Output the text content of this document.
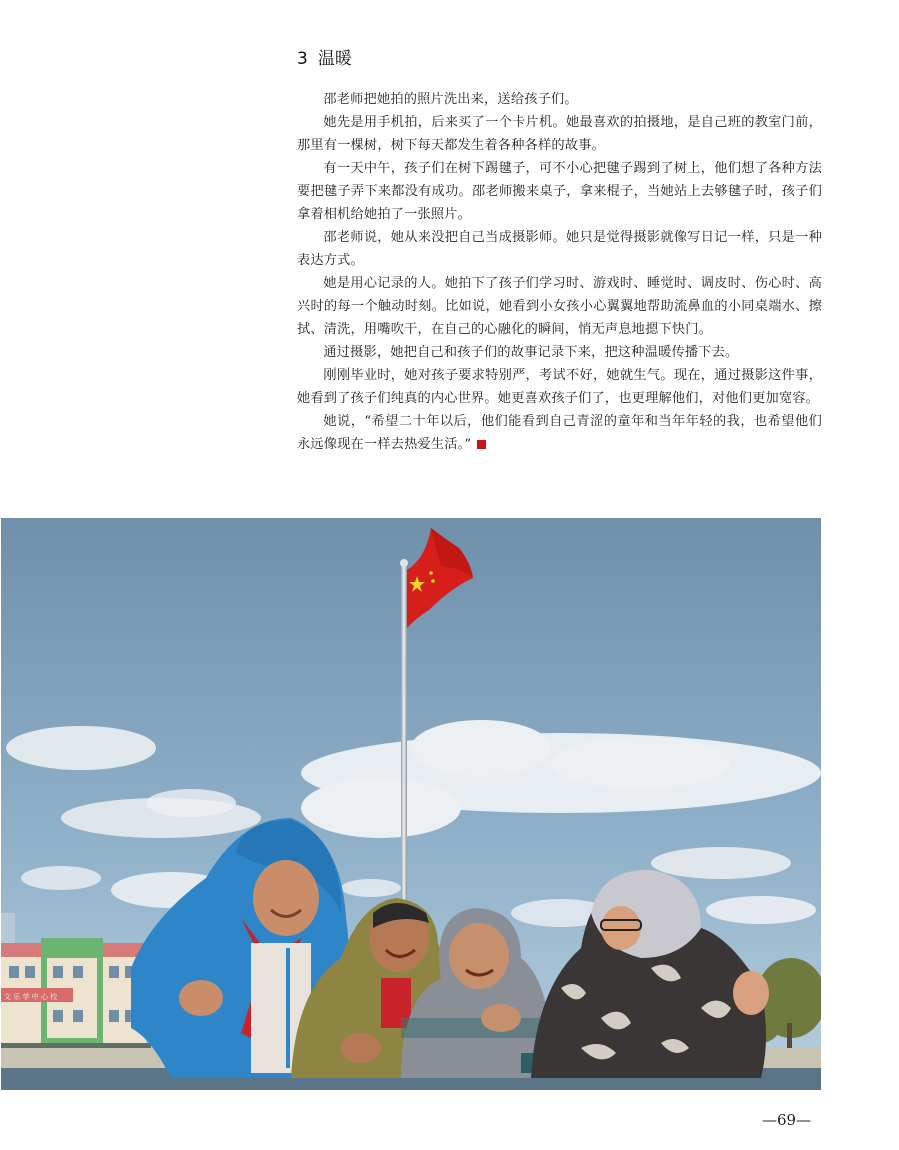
3 温暖

邵老师把她拍的照片洗出来，送给孩子们。

她先是用手机拍，后来买了一个卡片机。她最喜欢的拍摄地，是自己班的教室门前，那里有一棵树，树下每天都发生着各种各样的故事。

有一天中午，孩子们在树下踢毽子，可不小心把毽子踢到了树上，他们想了各种方法要把毽子弄下来都没有成功。邵老师搬来桌子，拿来棍子，当她站上去够毽子时，孩子们拿着相机给她拍了一张照片。

邵老师说，她从来没把自己当成摄影师。她只是觉得摄影就像写日记一样，只是一种表达方式。

她是用心记录的人。她拍下了孩子们学习时、游戏时、睡觉时、调皮时、伤心时、高兴时的每一个触动时刻。比如说，她看到小女孩小心翼翼地帮助流鼻血的小同桌端水、擦拭、清洗，用嘴吹干，在自己的心融化的瞬间，悄无声息地摁下快门。

通过摄影，她把自己和孩子们的故事记录下来，把这种温暖传播下去。

刚刚毕业时，她对孩子要求特别严，考试不好，她就生气。现在，通过摄影这件事，她看到了孩子们纯真的内心世界。她更喜欢孩子们了，也更理解他们，对他们更加宽容。

她说，“希望二十年以后，他们能看到自己青涩的童年和当年年轻的我，也希望他们永远像现在一样去热爱生活。”

文 乐 学 中 心 校
—69—
